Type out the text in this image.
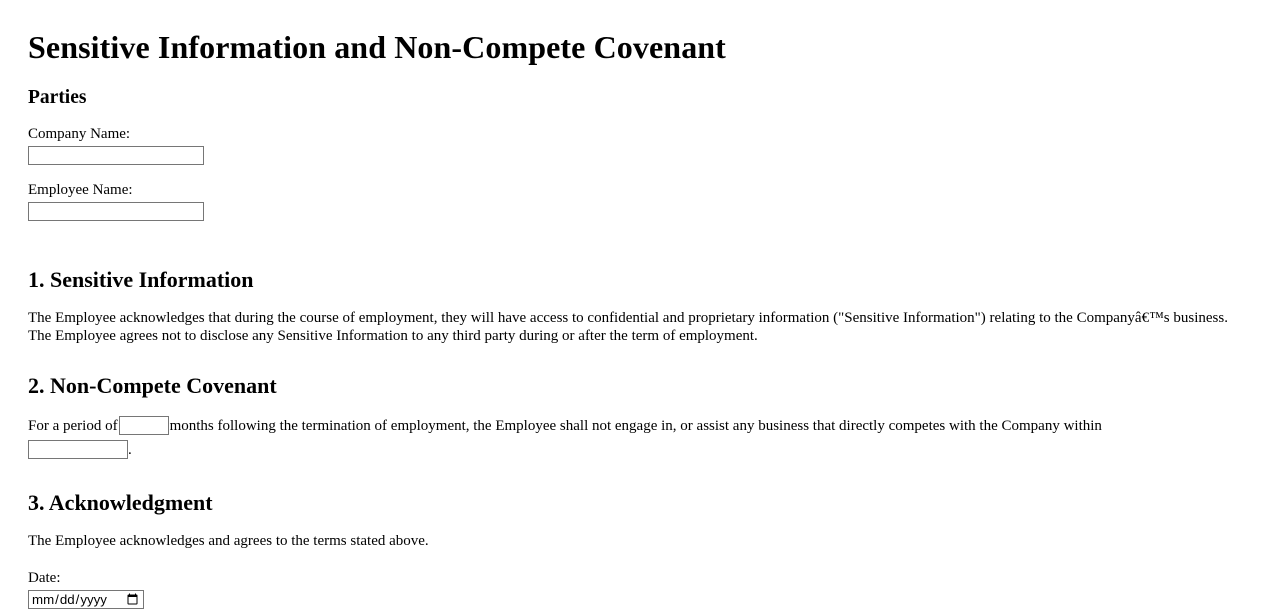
Sensitive Information and Non-Compete Covenant
Parties
Company Name:
Employee Name:
1. Sensitive Information

The Employee acknowledges that during the course of employment, they will have access to confidential and proprietary information ("Sensitive Information") relating to the Companyâ€™s business. The Employee agrees not to disclose any Sensitive Information to any third party during or after the term of employment.

2. Non-Compete Covenant

For a period of	months following the termination of employment, the Employee shall not engage in, or assist any business that directly competes with the Company within
.

3. Acknowledgment

The Employee acknowledges and agrees to the terms stated above.

Date:
